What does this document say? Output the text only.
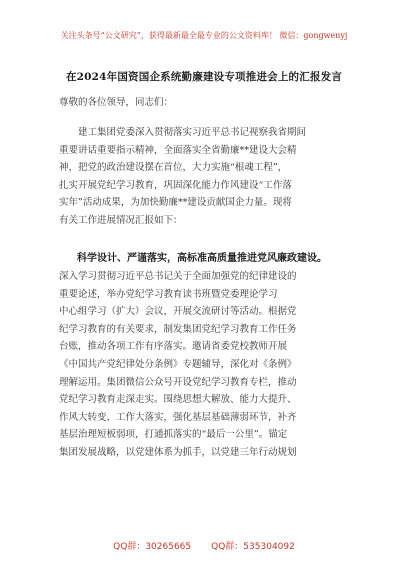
关注头条号“公文研究”，获得最新最全最专业的公文资料库！ 微信：gongwenyj
在2024年国资国企系统勤廉建设专项推进会上的汇报发言
尊敬的各位领导，同志们：
　　建工集团党委深入贯彻落实习近平总书记视察我省期间
重要讲话重要指示精神，全面落实全省勤廉**建设大会精
神，把党的政治建设摆在首位，大力实施“根魂工程”，
扎实开展党纪学习教育，巩固深化能力作风建设“工作落
实年”活动成果，为加快勤廉**建设贡献国企力量。现将
有关工作进展情况汇报如下：
科学设计、严谨落实，高标准高质量推进党风廉政建设。
深入学习贯彻习近平总书记关于全面加强党的纪律建设的
重要论述，举办党纪学习教育读书班暨党委理论学习
中心组学习（扩大）会议，开展交流研讨等活动。根据党
纪学习教育的有关要求，制发集团党纪学习教育工作任务
台账，推动各项工作有序落实。邀请省委党校教师开展
《中国共产党纪律处分条例》专题辅导，深化对《条例》
理解运用。集团微信公众号开设党纪学习教育专栏，推动
党纪学习教育走深走实。围绕思想大解放、能力大提升、
作风大转变、工作大落实，强化基层基础薄弱环节，补齐
基层治理短板弱项，打通抓落实的“最后一公里”。锚定
集团发展战略，以党建体系为抓手，以党建三年行动规划
QQ群：30265665 QQ群：535304092
